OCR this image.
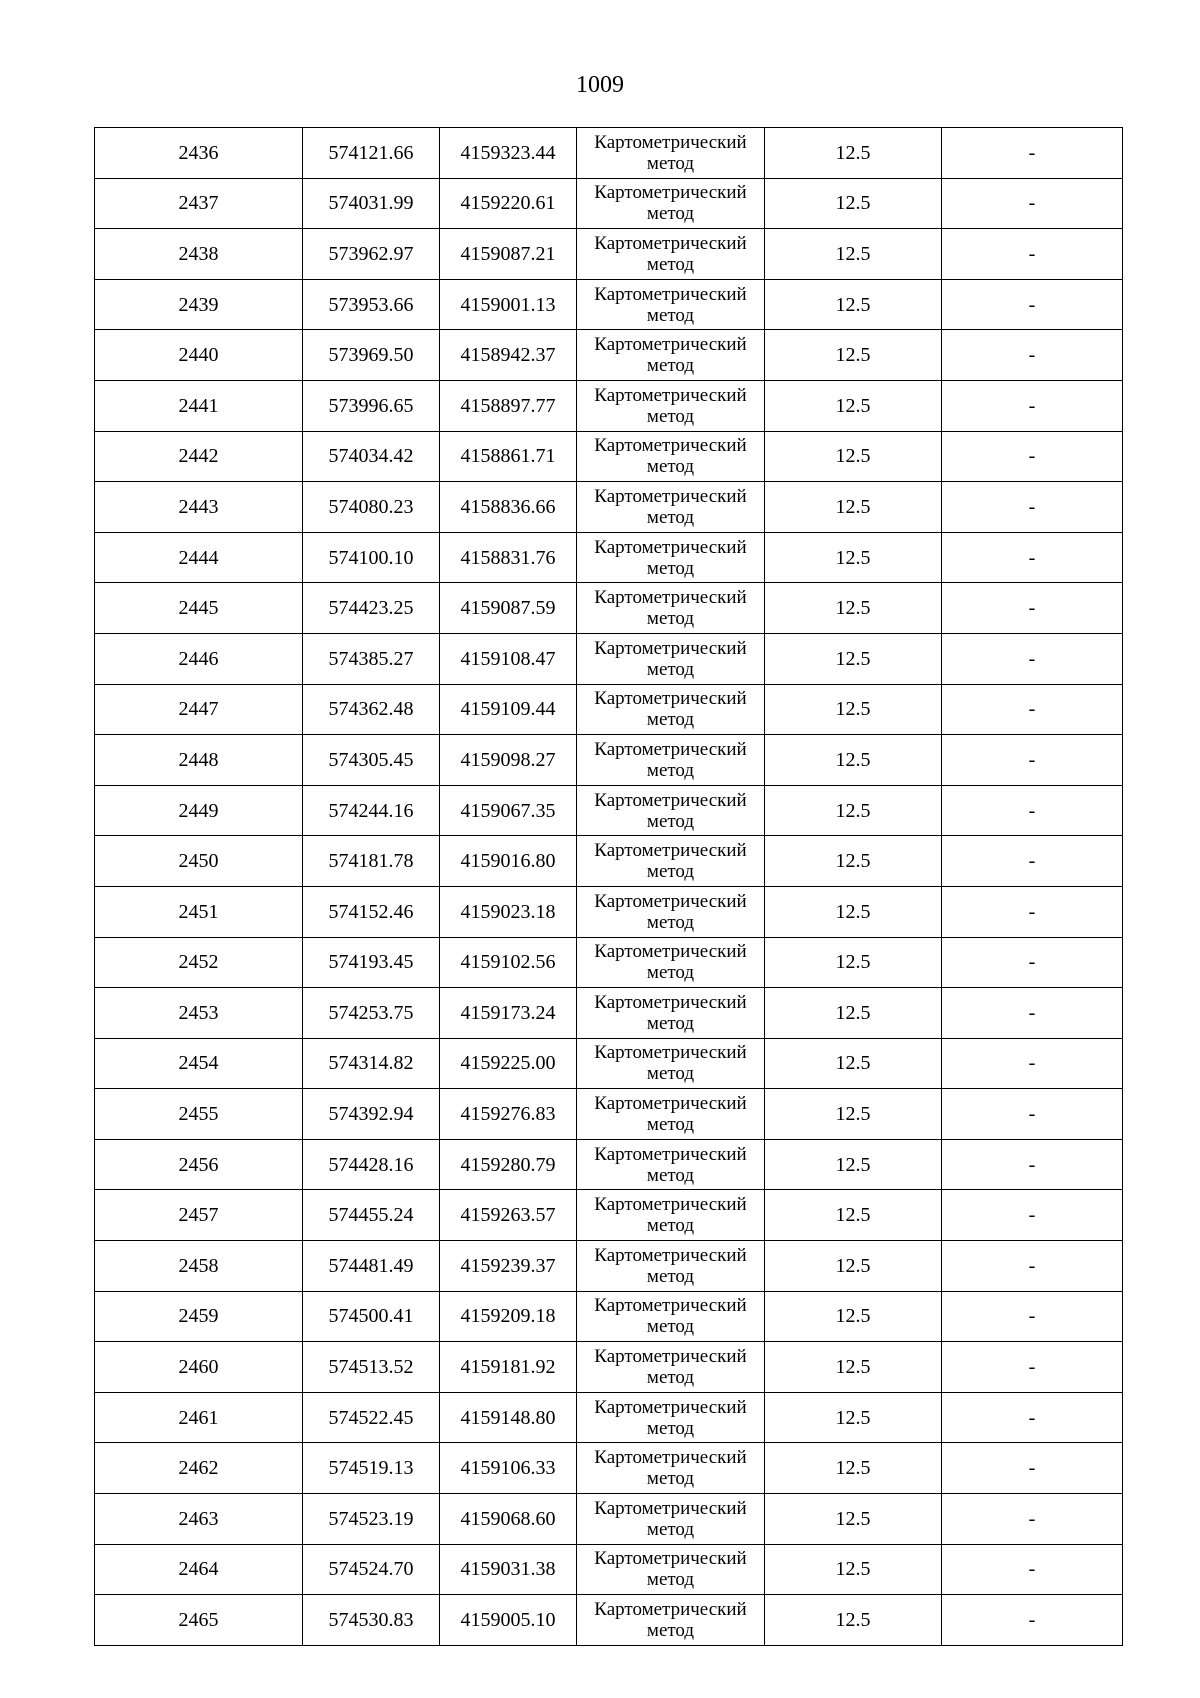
1009
2436	574121.66	4159323.44	Картометрический метод	12.5	-
2437	574031.99	4159220.61	Картометрический метод	12.5	-
2438	573962.97	4159087.21	Картометрический метод	12.5	-
2439	573953.66	4159001.13	Картометрический метод	12.5	-
2440	573969.50	4158942.37	Картометрический метод	12.5	-
2441	573996.65	4158897.77	Картометрический метод	12.5	-
2442	574034.42	4158861.71	Картометрический метод	12.5	-
2443	574080.23	4158836.66	Картометрический метод	12.5	-
2444	574100.10	4158831.76	Картометрический метод	12.5	-
2445	574423.25	4159087.59	Картометрический метод	12.5	-
2446	574385.27	4159108.47	Картометрический метод	12.5	-
2447	574362.48	4159109.44	Картометрический метод	12.5	-
2448	574305.45	4159098.27	Картометрический метод	12.5	-
2449	574244.16	4159067.35	Картометрический метод	12.5	-
2450	574181.78	4159016.80	Картометрический метод	12.5	-
2451	574152.46	4159023.18	Картометрический метод	12.5	-
2452	574193.45	4159102.56	Картометрический метод	12.5	-
2453	574253.75	4159173.24	Картометрический метод	12.5	-
2454	574314.82	4159225.00	Картометрический метод	12.5	-
2455	574392.94	4159276.83	Картометрический метод	12.5	-
2456	574428.16	4159280.79	Картометрический метод	12.5	-
2457	574455.24	4159263.57	Картометрический метод	12.5	-
2458	574481.49	4159239.37	Картометрический метод	12.5	-
2459	574500.41	4159209.18	Картометрический метод	12.5	-
2460	574513.52	4159181.92	Картометрический метод	12.5	-
2461	574522.45	4159148.80	Картометрический метод	12.5	-
2462	574519.13	4159106.33	Картометрический метод	12.5	-
2463	574523.19	4159068.60	Картометрический метод	12.5	-
2464	574524.70	4159031.38	Картометрический метод	12.5	-
2465	574530.83	4159005.10	Картометрический метод	12.5	-
